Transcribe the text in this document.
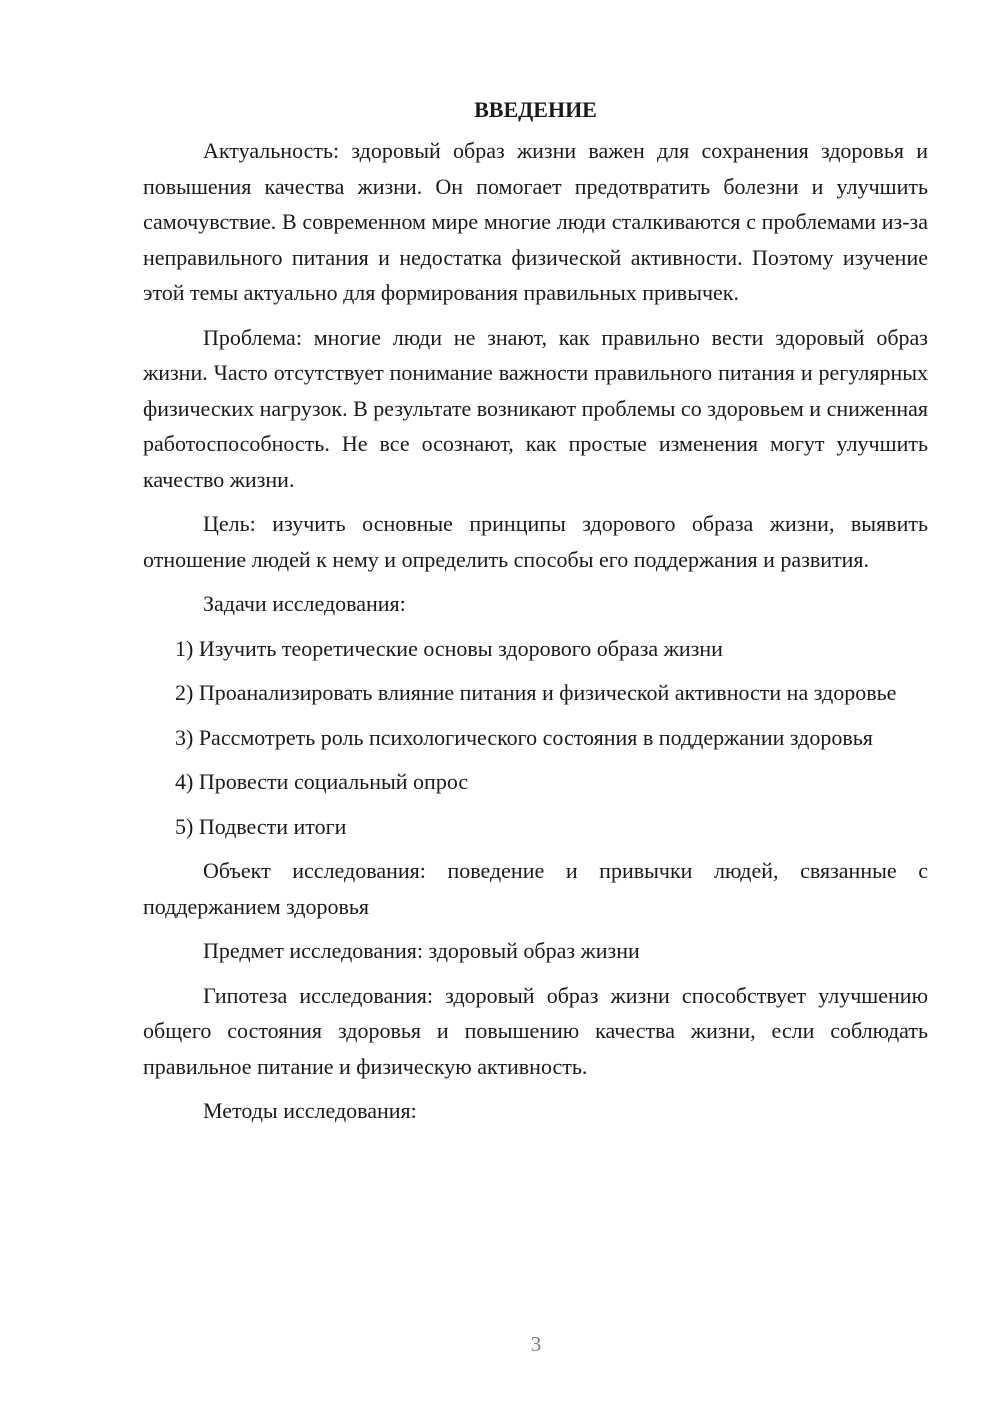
ВВЕДЕНИЕ

Актуальность: здоровый образ жизни важен для сохранения здоровья и повышения качества жизни. Он помогает предотвратить болезни и улучшить самочувствие. В современном мире многие люди сталкиваются с проблемами из-за неправильного питания и недостатка физической активности. Поэтому изучение этой темы актуально для формирования правильных привычек.

Проблема: многие люди не знают, как правильно вести здоровый образ жизни. Часто отсутствует понимание важности правильного питания и регулярных физических нагрузок. В результате возникают проблемы со здоровьем и сниженная работоспособность. Не все осознают, как простые изменения могут улучшить качество жизни.

Цель: изучить основные принципы здорового образа жизни, выявить отношение людей к нему и определить способы его поддержания и развития.

Задачи исследования:

1) Изучить теоретические основы здорового образа жизни

2) Проанализировать влияние питания и физической активности на здоровье

3) Рассмотреть роль психологического состояния в поддержании здоровья

4) Провести социальный опрос

5) Подвести итоги

Объект исследования: поведение и привычки людей, связанные с поддержанием здоровья

Предмет исследования: здоровый образ жизни

Гипотеза исследования: здоровый образ жизни способствует улучшению общего состояния здоровья и повышению качества жизни, если соблюдать правильное питание и физическую активность.

Методы исследования:

3
